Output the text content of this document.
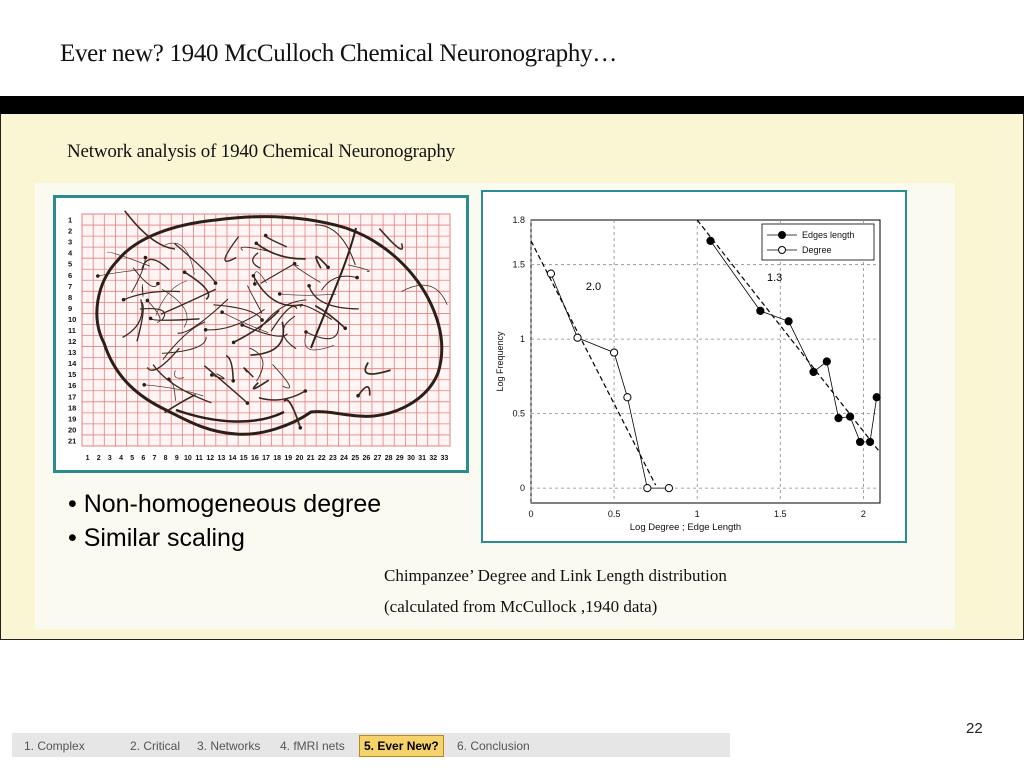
Ever new? 1940 McCulloch Chemical Neuronography…
Network analysis of 1940 Chemical Neuronography
1
2
3
4
5
6
7
8
9
10
11
12
13
14
15
16
17
18
19
20
21
1 2 3 4 5 6 7 8 9 10 11 12 13 14 15 16 17 18 19 20 21 22 23 24 25 26 27 28 29 30 31 32 33
0	0.5	1	1.5	2
0
0.5
1
1.5
1.8
Log Degree ; Edge Length
Log Frequency
1.3
2.0
Edges length
Degree
• Non-homogeneous degree
• Similar scaling
Chimpanzee’ Degree and Link Length distribution
(calculated from McCullock ,1940 data)
22
1. Complex	2. Critical 3. Networks 4. fMRI nets	5. Ever New?	6. Conclusion
